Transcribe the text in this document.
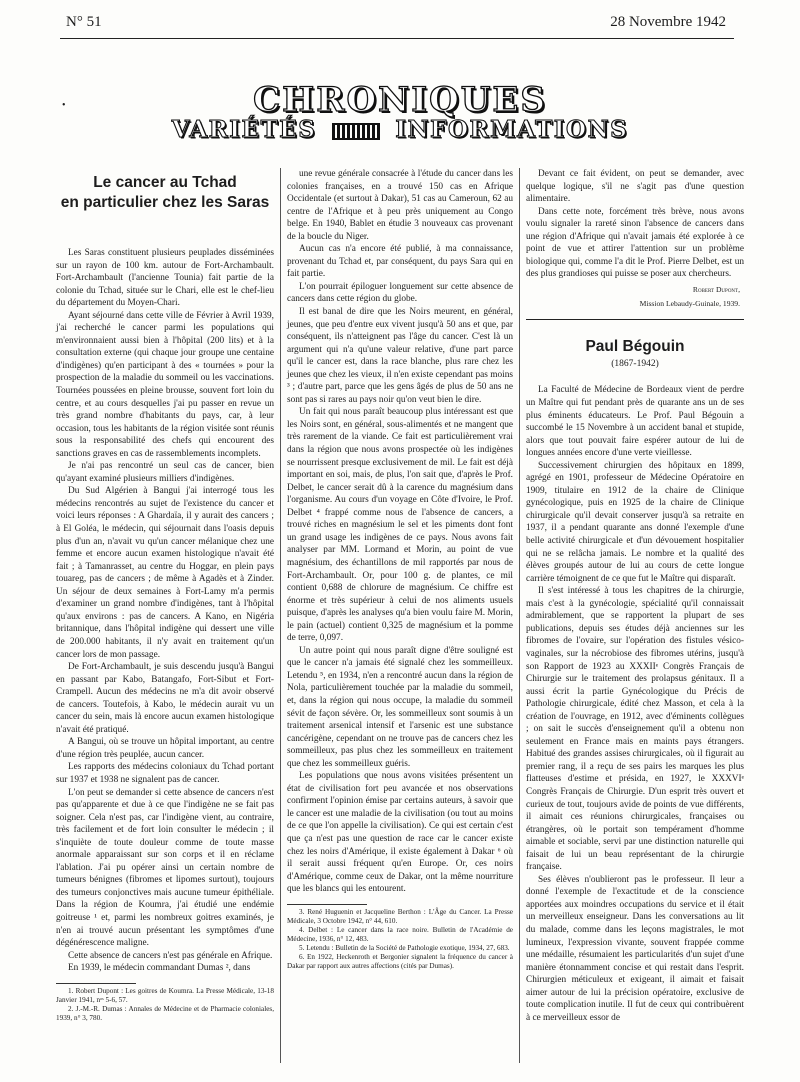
N° 51	28 Novembre 1942
•	CHRONIQUES
VARIÉTÉS	INFORMATIONS
Le cancer au Tchad
en particulier chez les Saras

Les Saras constituent plusieurs peuplades disséminées sur un rayon de 100 km. autour de Fort-Archambault. Fort-Archambault (l'ancienne Tounia) fait partie de la colonie du Tchad, située sur le Chari, elle est le chef-lieu du département du Moyen-Chari.

Ayant séjourné dans cette ville de Février à Avril 1939, j'ai recherché le cancer parmi les populations qui m'environnaient aussi bien à l'hôpital (200 lits) et à la consultation externe (qui chaque jour groupe une centaine d'indigènes) qu'en participant à des « tournées » pour la prospection de la maladie du sommeil ou les vaccinations. Tournées poussées en pleine brousse, souvent fort loin du centre, et au cours desquelles j'ai pu passer en revue un très grand nombre d'habitants du pays, car, à leur occasion, tous les habitants de la région visitée sont réunis sous la responsabilité des chefs qui encourent des sanctions graves en cas de rassemblements incomplets.

Je n'ai pas rencontré un seul cas de cancer, bien qu'ayant examiné plusieurs milliers d'indigènes.

Du Sud Algérien à Bangui j'ai interrogé tous les médecins rencontrés au sujet de l'existence du cancer et voici leurs réponses : A Ghardaïa, il y aurait des cancers ; à El Goléa, le médecin, qui séjournait dans l'oasis depuis plus d'un an, n'avait vu qu'un cancer mélanique chez une femme et encore aucun examen histologique n'avait été fait ; à Tamanrasset, au centre du Hoggar, en plein pays touareg, pas de cancers ; de même à Agadès et à Zinder. Un séjour de deux semaines à Fort-Lamy m'a permis d'examiner un grand nombre d'indigènes, tant à l'hôpital qu'aux environs : pas de cancers. A Kano, en Nigéria britannique, dans l'hôpital indigène qui dessert une ville de 200.000 habitants, il n'y avait en traitement qu'un cancer lors de mon passage.

De Fort-Archambault, je suis descendu jusqu'à Bangui en passant par Kabo, Batangafo, Fort-Sibut et Fort-Crampell. Aucun des médecins ne m'a dit avoir observé de cancers. Toutefois, à Kabo, le médecin aurait vu un cancer du sein, mais là encore aucun examen histologique n'avait été pratiqué.

A Bangui, où se trouve un hôpital important, au centre d'une région très peuplée, aucun cancer.

Les rapports des médecins coloniaux du Tchad portant sur 1937 et 1938 ne signalent pas de cancer.

L'on peut se demander si cette absence de cancers n'est pas qu'apparente et due à ce que l'indigène ne se fait pas soigner. Cela n'est pas, car l'indigène vient, au contraire, très facilement et de fort loin consulter le médecin ; il s'inquiète de toute douleur comme de toute masse anormale apparaissant sur son corps et il en réclame l'ablation. J'ai pu opérer ainsi un certain nombre de tumeurs bénignes (fibromes et lipomes surtout), toujours des tumeurs conjonctives mais aucune tumeur épithéliale. Dans la région de Koumra, j'ai étudié une endémie goitreuse ¹ et, parmi les nombreux goitres examinés, je n'en ai trouvé aucun présentant les symptômes d'une dégénérescence maligne.

Cette absence de cancers n'est pas générale en Afrique.

En 1939, le médecin commandant Dumas ², dans

1. Robert Dupont : Les goitres de Koumra. La Presse Médicale, 13-18 Janvier 1941, nᵒˢ 5-6, 57.

2. J.-M.-R. Dumas : Annales de Médecine et de Pharmacie coloniales, 1939, n° 3, 780.

une revue générale consacrée à l'étude du cancer dans les colonies françaises, en a trouvé 150 cas en Afrique Occidentale (et surtout à Dakar), 51 cas au Cameroun, 62 au centre de l'Afrique et à peu près uniquement au Congo belge. En 1940, Bablet en étudie 3 nouveaux cas provenant de la boucle du Niger.

Aucun cas n'a encore été publié, à ma connaissance, provenant du Tchad et, par conséquent, du pays Sara qui en fait partie.

L'on pourrait épiloguer longuement sur cette absence de cancers dans cette région du globe.

Il est banal de dire que les Noirs meurent, en général, jeunes, que peu d'entre eux vivent jusqu'à 50 ans et que, par conséquent, ils n'atteignent pas l'âge du cancer. C'est là un argument qui n'a qu'une valeur relative, d'une part parce qu'il le cancer est, dans la race blanche, plus rare chez les jeunes que chez les vieux, il n'en existe cependant pas moins ³ ; d'autre part, parce que les gens âgés de plus de 50 ans ne sont pas si rares au pays noir qu'on veut bien le dire.

Un fait qui nous paraît beaucoup plus intéressant est que les Noirs sont, en général, sous-alimentés et ne mangent que très rarement de la viande. Ce fait est particulièrement vrai dans la région que nous avons prospectée où les indigènes se nourrissent presque exclusivement de mil. Le fait est déjà important en soi, mais, de plus, l'on sait que, d'après le Prof. Delbet, le cancer serait dû à la carence du magnésium dans l'organisme. Au cours d'un voyage en Côte d'Ivoire, le Prof. Delbet ⁴ frappé comme nous de l'absence de cancers, a trouvé riches en magnésium le sel et les piments dont font un grand usage les indigènes de ce pays. Nous avons fait analyser par MM. Lormand et Morin, au point de vue magnésium, des échantillons de mil rapportés par nous de Fort-Archambault. Or, pour 100 g. de plantes, ce mil contient 0,688 de chlorure de magnésium. Ce chiffre est énorme et très supérieur à celui de nos aliments usuels puisque, d'après les analyses qu'a bien voulu faire M. Morin, le pain (actuel) contient 0,325 de magnésium et la pomme de terre, 0,097.

Un autre point qui nous paraît digne d'être souligné est que le cancer n'a jamais été signalé chez les sommeilleux. Letendu ⁵, en 1934, n'en a rencontré aucun dans la région de Nola, particulièrement touchée par la maladie du sommeil, et, dans la région qui nous occupe, la maladie du sommeil sévit de façon sévère. Or, les sommeilleux sont soumis à un traitement arsenical intensif et l'arsenic est une substance cancérigène, cependant on ne trouve pas de cancers chez les sommeilleux, pas plus chez les sommeilleux en traitement que chez les sommeilleux guéris.

Les populations que nous avons visitées présentent un état de civilisation fort peu avancée et nos observations confirment l'opinion émise par certains auteurs, à savoir que le cancer est une maladie de la civilisation (ou tout au moins de ce que l'on appelle la civilisation). Ce qui est certain c'est que ça n'est pas une question de race car le cancer existe chez les noirs d'Amérique, il existe également à Dakar ⁶ où il serait aussi fréquent qu'en Europe. Or, ces noirs d'Amérique, comme ceux de Dakar, ont la même nourriture que les blancs qui les entourent.

3. René Huguenin et Jacqueline Berthon : L'Âge du Cancer. La Presse Médicale, 3 Octobre 1942, n° 44, 610.

4. Delbet : Le cancer dans la race noire. Bulletin de l'Académie de Médecine, 1936, n° 12, 483.

5. Letendu : Bulletin de la Société de Pathologie exotique, 1934, 27, 683.

6. En 1922, Heckenroth et Bergonier signalent la fréquence du cancer à Dakar par rapport aux autres affections (cités par Dumas).

Devant ce fait évident, on peut se demander, avec quelque logique, s'il ne s'agit pas d'une question alimentaire.

Dans cette note, forcément très brève, nous avons voulu signaler la rareté sinon l'absence de cancers dans une région d'Afrique qui n'avait jamais été explorée à ce point de vue et attirer l'attention sur un problème biologique qui, comme l'a dit le Prof. Pierre Delbet, est un des plus grandioses qui puisse se poser aux chercheurs.

Robert Dupont,
Mission Lebaudy-Guinale, 1939.
Paul Bégouin
(1867-1942)

La Faculté de Médecine de Bordeaux vient de perdre un Maître qui fut pendant près de quarante ans un de ses plus éminents éducateurs. Le Prof. Paul Bégouin a succombé le 15 Novembre à un accident banal et stupide, alors que tout pouvait faire espérer autour de lui de longues années encore d'une verte vieillesse.

Successivement chirurgien des hôpitaux en 1899, agrégé en 1901, professeur de Médecine Opératoire en 1909, titulaire en 1912 de la chaire de Clinique gynécologique, puis en 1925 de la chaire de Clinique chirurgicale qu'il devait conserver jusqu'à sa retraite en 1937, il a pendant quarante ans donné l'exemple d'une belle activité chirurgicale et d'un dévouement hospitalier qui ne se relâcha jamais. Le nombre et la qualité des élèves groupés autour de lui au cours de cette longue carrière témoignent de ce que fut le Maître qui disparaît.

Il s'est intéressé à tous les chapitres de la chirurgie, mais c'est à la gynécologie, spécialité qu'il connaissait admirablement, que se rapportent la plupart de ses publications, depuis ses études déjà anciennes sur les fibromes de l'ovaire, sur l'opération des fistules vésico-vaginales, sur la nécrobiose des fibromes utérins, jusqu'à son Rapport de 1923 au XXXIIᵉ Congrès Français de Chirurgie sur le traitement des prolapsus génitaux. Il a aussi écrit la partie Gynécologique du Précis de Pathologie chirurgicale, édité chez Masson, et cela à la création de l'ouvrage, en 1912, avec d'éminents collègues ; on sait le succès d'enseignement qu'il a obtenu non seulement en France mais en maints pays étrangers. Habitué des grandes assises chirurgicales, où il figurait au premier rang, il a reçu de ses pairs les marques les plus flatteuses d'estime et présida, en 1927, le XXXVIᵉ Congrès Français de Chirurgie. D'un esprit très ouvert et curieux de tout, toujours avide de points de vue différents, il aimait ces réunions chirurgicales, françaises ou étrangères, où le portait son tempérament d'homme aimable et sociable, servi par une distinction naturelle qui faisait de lui un beau représentant de la chirurgie française.

Ses élèves n'oublieront pas le professeur. Il leur a donné l'exemple de l'exactitude et de la conscience apportées aux moindres occupations du service et il était un merveilleux enseigneur. Dans les conversations au lit du malade, comme dans les leçons magistrales, le mot lumineux, l'expression vivante, souvent frappée comme une médaille, résumaient les particularités d'un sujet d'une manière étonnamment concise et qui restait dans l'esprit. Chirurgien méticuleux et exigeant, il aimait et faisait aimer autour de lui la précision opératoire, exclusive de toute complication inutile. Il fut de ceux qui contribuèrent à ce merveilleux essor de
